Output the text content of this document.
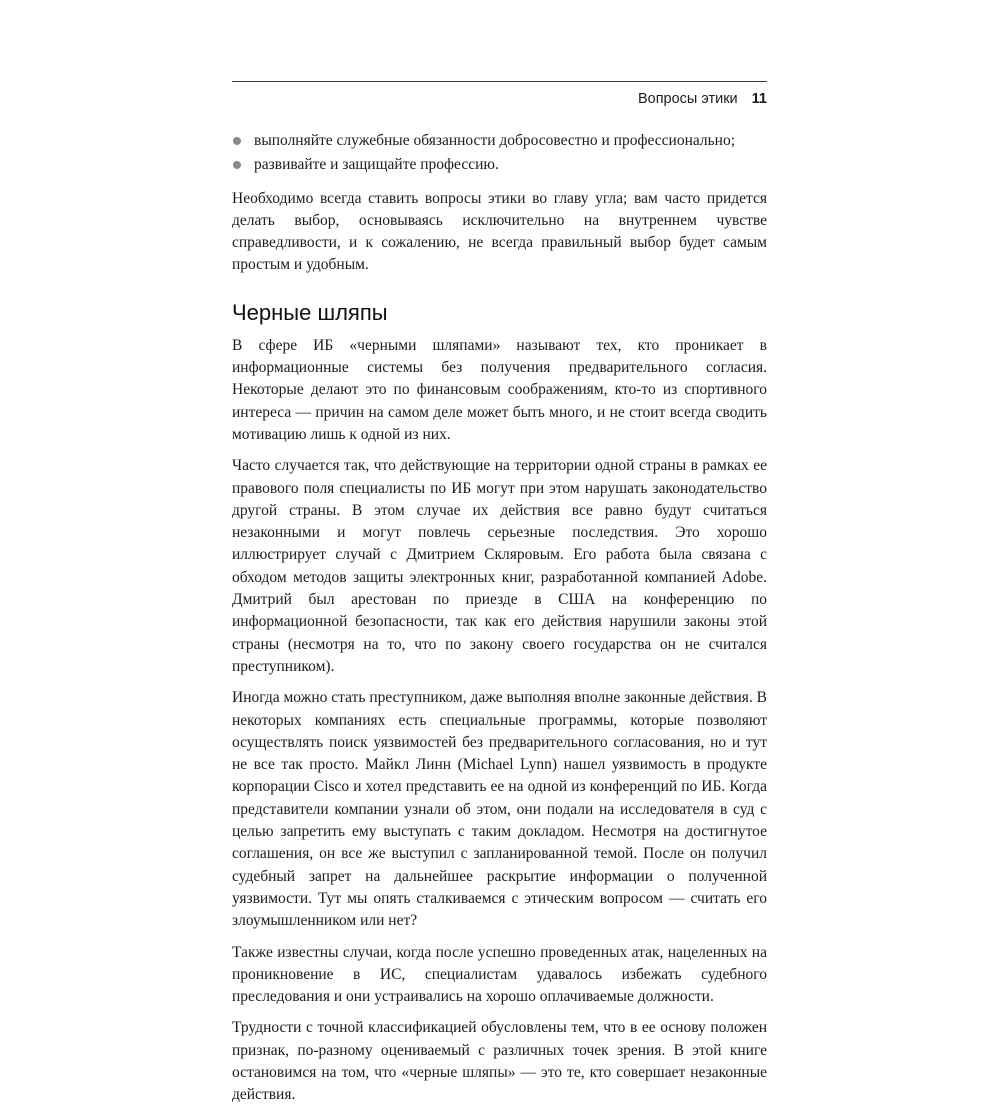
Вопросы этики 11
выполняйте служебные обязанности добросовестно и профессионально;
развивайте и защищайте профессию.

Необходимо всегда ставить вопросы этики во главу угла; вам часто придется делать выбор, основываясь исключительно на внутреннем чувстве справедливости, и к сожалению, не всегда правильный выбор будет самым простым и удобным.

Черные шляпы

В сфере ИБ «черными шляпами» называют тех, кто проникает в информационные системы без получения предварительного согласия. Некоторые делают это по финансовым соображениям, кто-то из спортивного интереса — причин на самом деле может быть много, и не стоит всегда сводить мотивацию лишь к одной из них.

Часто случается так, что действующие на территории одной страны в рамках ее правового поля специалисты по ИБ могут при этом нарушать законодательство другой страны. В этом случае их действия все равно будут считаться незаконными и могут повлечь серьезные последствия. Это хорошо иллюстрирует случай с Дмитрием Скляровым. Его работа была связана с обходом методов защиты электронных книг, разработанной компанией Adobe. Дмитрий был арестован по приезде в США на конференцию по информационной безопасности, так как его действия нарушили законы этой страны (несмотря на то, что по закону своего государства он не считался преступником).

Иногда можно стать преступником, даже выполняя вполне законные действия. В некоторых компаниях есть специальные программы, которые позволяют осуществлять поиск уязвимостей без предварительного согласования, но и тут не все так просто. Майкл Линн (Michael Lynn) нашел уязвимость в продукте корпорации Cisco и хотел представить ее на одной из конференций по ИБ. Когда представители компании узнали об этом, они подали на исследователя в суд с целью запретить ему выступать с таким докладом. Несмотря на достигнутое соглашения, он все же выступил с запланированной темой. После он получил судебный запрет на дальнейшее раскрытие информации о полученной уязвимости. Тут мы опять сталкиваемся с этическим вопросом — считать его злоумышленником или нет?

Также известны случаи, когда после успешно проведенных атак, нацеленных на проникновение в ИС, специалистам удавалось избежать судебного преследования и они устраивались на хорошо оплачиваемые должности.

Трудности с точной классификацией обусловлены тем, что в ее основу положен признак, по-разному оцениваемый с различных точек зрения. В этой книге остановимся на том, что «черные шляпы» — это те, кто совершает незаконные действия.
